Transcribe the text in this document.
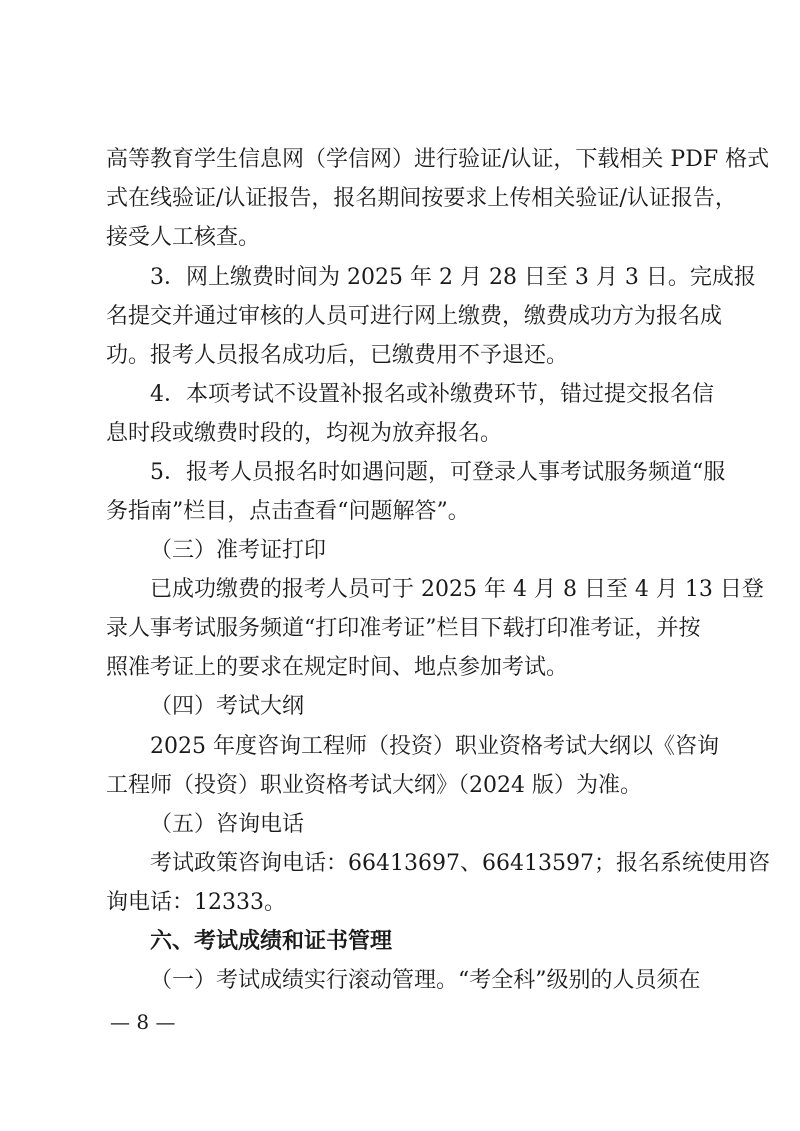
高等教育学生信息网（学信网）进行验证/认证，下载相关 PDF 格式
式在线验证/认证报告，报名期间按要求上传相关验证/认证报告，
接受人工核查。
3．网上缴费时间为 2025 年 2 月 28 日至 3 月 3 日。完成报
名提交并通过审核的人员可进行网上缴费，缴费成功方为报名成
功。报考人员报名成功后，已缴费用不予退还。
4．本项考试不设置补报名或补缴费环节，错过提交报名信
息时段或缴费时段的，均视为放弃报名。
5．报考人员报名时如遇问题，可登录人事考试服务频道“服
务指南”栏目，点击查看“问题解答”。
（三）准考证打印
已成功缴费的报考人员可于 2025 年 4 月 8 日至 4 月 13 日登
录人事考试服务频道“打印准考证”栏目下载打印准考证，并按
照准考证上的要求在规定时间、地点参加考试。
（四）考试大纲
2025 年度咨询工程师（投资）职业资格考试大纲以《咨询
工程师（投资）职业资格考试大纲》（2024 版）为准。
（五）咨询电话
考试政策咨询电话：66413697、66413597；报名系统使用咨
询电话：12333。
六、考试成绩和证书管理
（一）考试成绩实行滚动管理。“考全科”级别的人员须在
— 8 —
